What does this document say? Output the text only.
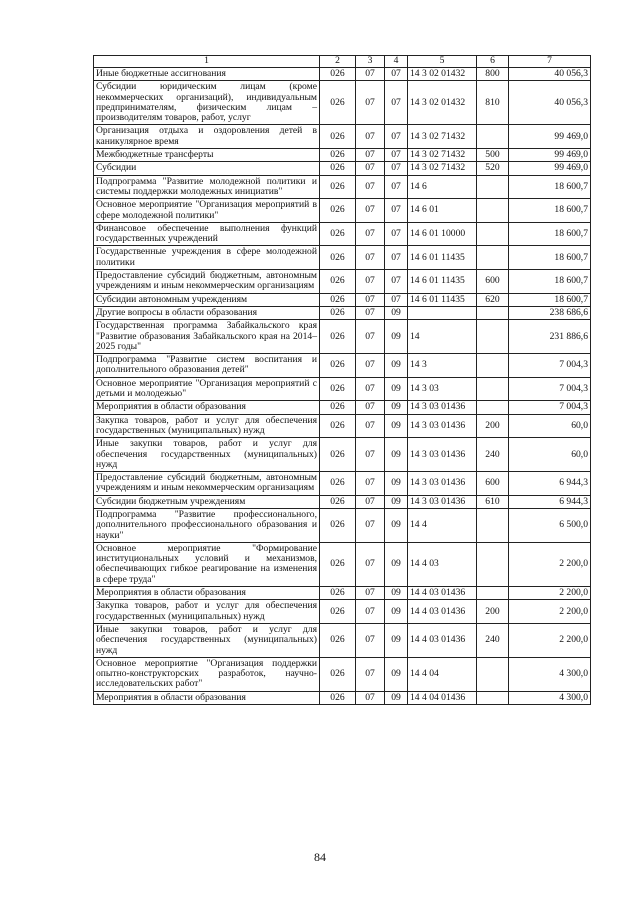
1	2	3	4	5	6	7
Иные бюджетные ассигнования	026	07	07	14 3 02 01432	800	40 056,3
Субсидии юридическим лицам (кроме некоммерческих организаций), индивидуальным предпринимателям, физическим лицам – производителям товаров, работ, услуг	026	07	07	14 3 02 01432	810	40 056,3
Организация отдыха и оздоровления детей в каникулярное время	026	07	07	14 3 02 71432		99 469,0
Межбюджетные трансферты	026	07	07	14 3 02 71432	500	99 469,0
Субсидии	026	07	07	14 3 02 71432	520	99 469,0
Подпрограмма "Развитие молодежной политики и системы поддержки молодежных инициатив"	026	07	07	14 6		18 600,7
Основное мероприятие "Организация мероприятий в сфере молодежной политики"	026	07	07	14 6 01		18 600,7
Финансовое обеспечение выполнения функций государственных учреждений	026	07	07	14 6 01 10000		18 600,7
Государственные учреждения в сфере молодежной политики	026	07	07	14 6 01 11435		18 600,7
Предоставление субсидий бюджетным, автономным учреждениям и иным некоммерческим организациям	026	07	07	14 6 01 11435	600	18 600,7
Субсидии автономным учреждениям	026	07	07	14 6 01 11435	620	18 600,7
Другие вопросы в области образования	026	07	09			238 686,6
Государственная программа Забайкальского края "Развитие образования Забайкальского края на 2014–2025 годы"	026	07	09	14		231 886,6
Подпрограмма "Развитие систем воспитания и дополнительного образования детей"	026	07	09	14 3		7 004,3
Основное мероприятие "Организация мероприятий с детьми и молодежью"	026	07	09	14 3 03		7 004,3
Мероприятия в области образования	026	07	09	14 3 03 01436		7 004,3
Закупка товаров, работ и услуг для обеспечения государственных (муниципальных) нужд	026	07	09	14 3 03 01436	200	60,0
Иные закупки товаров, работ и услуг для обеспечения государственных (муниципальных) нужд	026	07	09	14 3 03 01436	240	60,0
Предоставление субсидий бюджетным, автономным учреждениям и иным некоммерческим организациям	026	07	09	14 3 03 01436	600	6 944,3
Субсидии бюджетным учреждениям	026	07	09	14 3 03 01436	610	6 944,3
Подпрограмма "Развитие профессионального, дополнительного профессионального образования и науки"	026	07	09	14 4		6 500,0
Основное мероприятие "Формирование институциональных условий и механизмов, обеспечивающих гибкое реагирование на изменения в сфере труда"	026	07	09	14 4 03		2 200,0
Мероприятия в области образования	026	07	09	14 4 03 01436		2 200,0
Закупка товаров, работ и услуг для обеспечения государственных (муниципальных) нужд	026	07	09	14 4 03 01436	200	2 200,0
Иные закупки товаров, работ и услуг для обеспечения государственных (муниципальных) нужд	026	07	09	14 4 03 01436	240	2 200,0
Основное мероприятие "Организация поддержки опытно-конструкторских разработок, научно-исследовательских работ"	026	07	09	14 4 04		4 300,0
Мероприятия в области образования	026	07	09	14 4 04 01436		4 300,0
84
